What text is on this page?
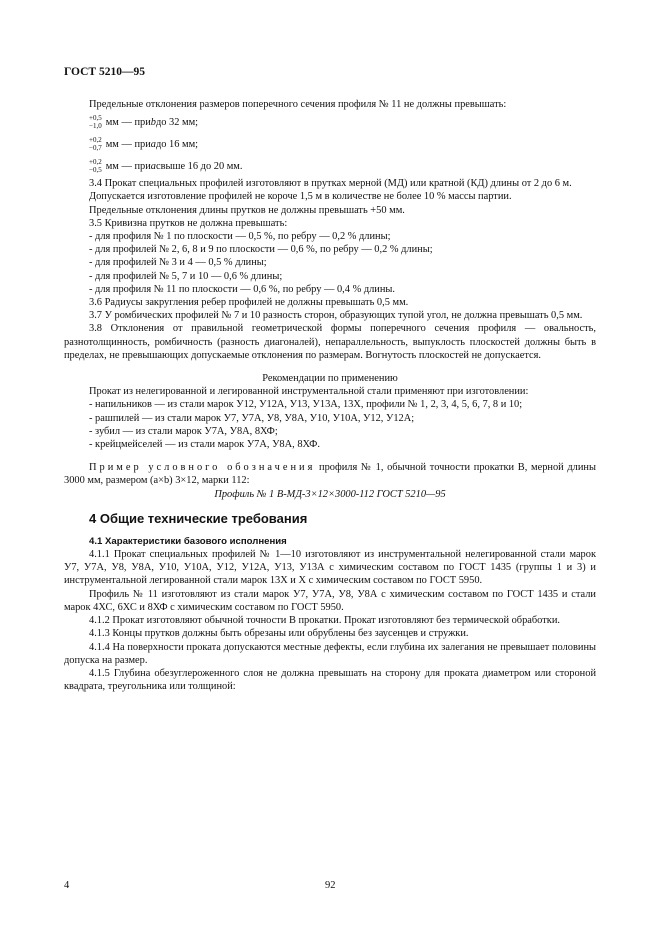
ГОСТ 5210—95

Предельные отклонения размеров поперечного сечения профиля № 11 не должны превышать:

+0,5
−1,0 мм — при b до 32 мм;
+0,2
−0,7 мм — при a до 16 мм;
+0,2
−0,5 мм — при a свыше 16 до 20 мм.

3.4 Прокат специальных профилей изготовляют в прутках мерной (МД) или кратной (КД) длины от 2 до 6 м.

Допускается изготовление профилей не короче 1,5 м в количестве не более 10 % массы партии.

Предельные отклонения длины прутков не должны превышать +50 мм.

3.5 Кривизна прутков не должна превышать:

- для профиля № 1 по плоскости — 0,5 %, по ребру — 0,2 % длины;

- для профилей № 2, 6, 8 и 9 по плоскости — 0,6 %, по ребру — 0,2 % длины;

- для профилей № 3 и 4 — 0,5 % длины;

- для профилей № 5, 7 и 10 — 0,6 % длины;

- для профиля № 11 по плоскости — 0,6 %, по ребру — 0,4 % длины.

3.6 Радиусы закругления ребер профилей не должны превышать 0,5 мм.

3.7 У ромбических профилей № 7 и 10 разность сторон, образующих тупой угол, не должна превышать 0,5 мм.

3.8 Отклонения от правильной геометрической формы поперечного сечения профиля — овальность, разнотолщинность, ромбичность (разность диагоналей), непараллельность, выпуклость плоскостей должны быть в пределах, не превышающих допускаемые отклонения по размерам. Вогнутость плоскостей не допускается.

Рекомендации по применению

Прокат из нелегированной и легированной инструментальной стали применяют при изготовлении:

- напильников — из стали марок У12, У12А, У13, У13А, 13Х, профили № 1, 2, 3, 4, 5, 6, 7, 8 и 10;

- рашпилей — из стали марок У7, У7А, У8, У8А, У10, У10А, У12, У12А;

- зубил — из стали марок У7А, У8А, 8ХФ;

- крейцмейселей — из стали марок У7А, У8А, 8ХФ.

Пример условного обозначения профиля № 1, обычной точности прокатки В, мерной длины 3000 мм, размером (a×b) 3×12, марки 112:

Профиль № 1 В-МД-3×12×3000-112 ГОСТ 5210—95

4 Общие технические требования

4.1 Характеристики базового исполнения

4.1.1 Прокат специальных профилей № 1—10 изготовляют из инструментальной нелегированной стали марок У7, У7А, У8, У8А, У10, У10А, У12, У12А, У13, У13А с химическим составом по ГОСТ 1435 (группы 1 и 3) и инструментальной легированной стали марок 13Х и Х с химическим составом по ГОСТ 5950.

Профиль № 11 изготовляют из стали марок У7, У7А, У8, У8А с химическим составом по ГОСТ 1435 и стали марок 4ХС, 6ХС и 8ХФ с химическим составом по ГОСТ 5950.

4.1.2 Прокат изготовляют обычной точности В прокатки. Прокат изготовляют без термической обработки.

4.1.3 Концы прутков должны быть обрезаны или обрублены без заусенцев и стружки.

4.1.4 На поверхности проката допускаются местные дефекты, если глубина их залегания не превышает половины допуска на размер.

4.1.5 Глубина обезуглероженного слоя не должна превышать на сторону для проката диаметром или стороной квадрата, треугольника или толщиной:

4	92
